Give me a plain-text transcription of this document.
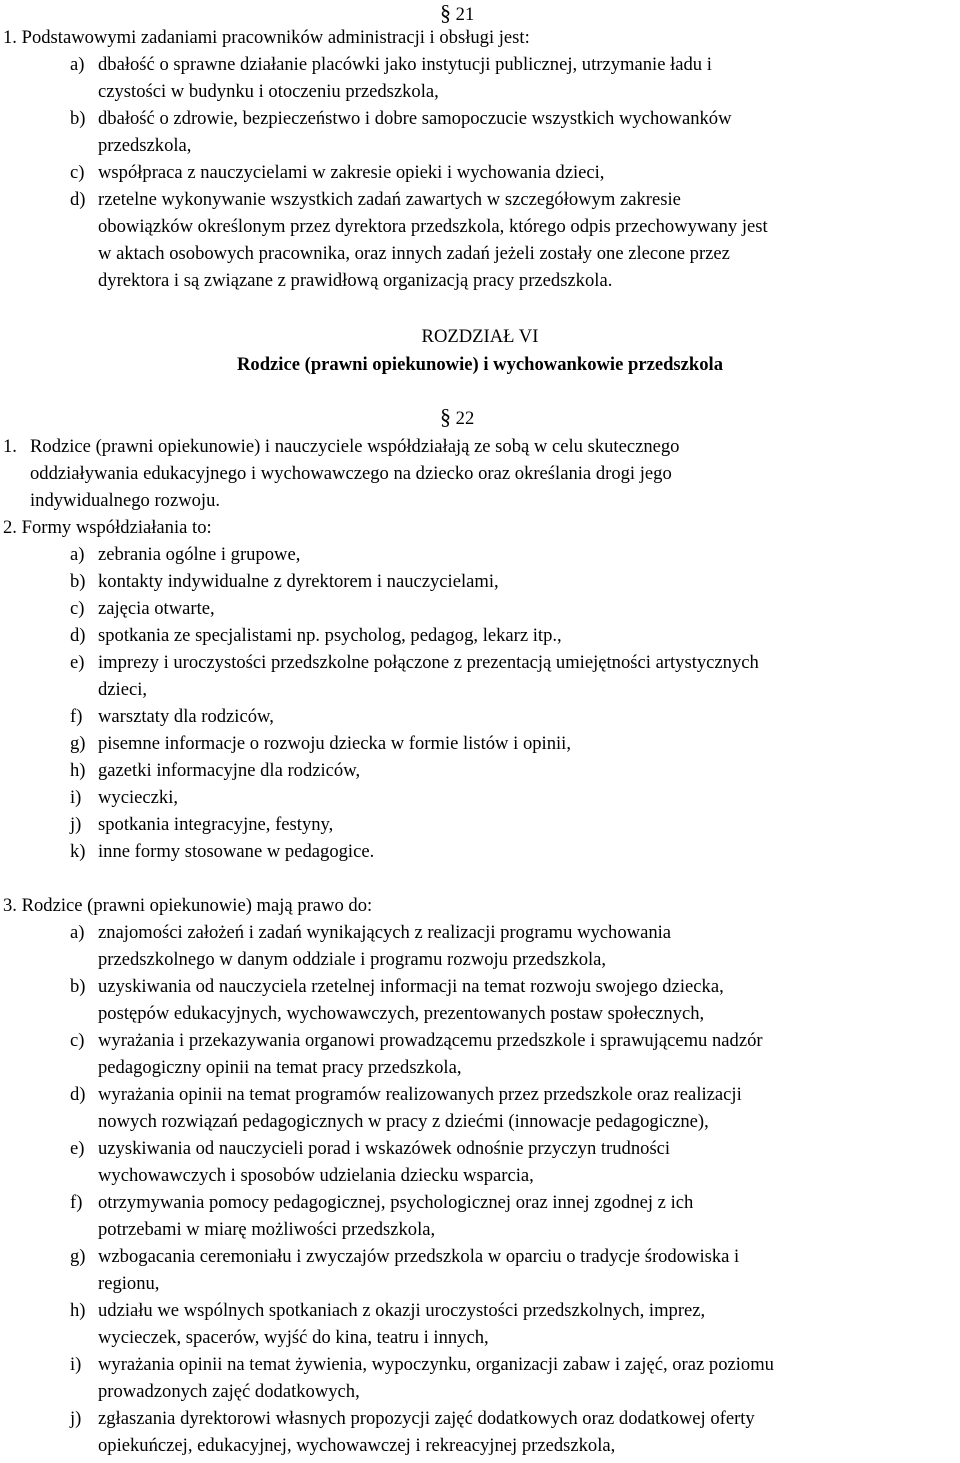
§ 21
1. Podstawowymi zadaniami pracowników administracji i obsługi jest:
a) dbałość o sprawne działanie placówki jako instytucji publicznej, utrzymanie ładu i
czystości w budynku i otoczeniu przedszkola,
b) dbałość o zdrowie, bezpieczeństwo i dobre samopoczucie wszystkich wychowanków
przedszkola,
c) współpraca z nauczycielami w zakresie opieki i wychowania dzieci,
d) rzetelne wykonywanie wszystkich zadań zawartych w szczegółowym zakresie
obowiązków określonym przez dyrektora przedszkola, którego odpis przechowywany jest
w aktach osobowych pracownika, oraz innych zadań jeżeli zostały one zlecone przez
dyrektora i są związane z prawidłową organizacją pracy przedszkola.
ROZDZIAŁ VI
Rodzice (prawni opiekunowie) i wychowankowie przedszkola
§ 22
1. Rodzice (prawni opiekunowie) i nauczyciele współdziałają ze sobą w celu skutecznego
oddziaływania edukacyjnego i wychowawczego na dziecko oraz określania drogi jego
indywidualnego rozwoju.
2. Formy współdziałania to:
a) zebrania ogólne i grupowe,
b) kontakty indywidualne z dyrektorem i nauczycielami,
c) zajęcia otwarte,
d) spotkania ze specjalistami np. psycholog, pedagog, lekarz itp.,
e) imprezy i uroczystości przedszkolne połączone z prezentacją umiejętności artystycznych
dzieci,
f) warsztaty dla rodziców,
g) pisemne informacje o rozwoju dziecka w formie listów i opinii,
h) gazetki informacyjne dla rodziców,
i) wycieczki,
j) spotkania integracyjne, festyny,
k) inne formy stosowane w pedagogice.
3. Rodzice (prawni opiekunowie) mają prawo do:
a) znajomości założeń i zadań wynikających z realizacji programu wychowania
przedszkolnego w danym oddziale i programu rozwoju przedszkola,
b) uzyskiwania od nauczyciela rzetelnej informacji na temat rozwoju swojego dziecka,
postępów edukacyjnych, wychowawczych, prezentowanych postaw społecznych,
c) wyrażania i przekazywania organowi prowadzącemu przedszkole i sprawującemu nadzór
pedagogiczny opinii na temat pracy przedszkola,
d) wyrażania opinii na temat programów realizowanych przez przedszkole oraz realizacji
nowych rozwiązań pedagogicznych w pracy z dziećmi (innowacje pedagogiczne),
e) uzyskiwania od nauczycieli porad i wskazówek odnośnie przyczyn trudności
wychowawczych i sposobów udzielania dziecku wsparcia,
f) otrzymywania pomocy pedagogicznej, psychologicznej oraz innej zgodnej z ich
potrzebami w miarę możliwości przedszkola,
g) wzbogacania ceremoniału i zwyczajów przedszkola w oparciu o tradycje środowiska i
regionu,
h) udziału we wspólnych spotkaniach z okazji uroczystości przedszkolnych, imprez,
wycieczek, spacerów, wyjść do kina, teatru i innych,
i) wyrażania opinii na temat żywienia, wypoczynku, organizacji zabaw i zajęć, oraz poziomu
prowadzonych zajęć dodatkowych,
j) zgłaszania dyrektorowi własnych propozycji zajęć dodatkowych oraz dodatkowej oferty
opiekuńczej, edukacyjnej, wychowawczej i rekreacyjnej przedszkola,
